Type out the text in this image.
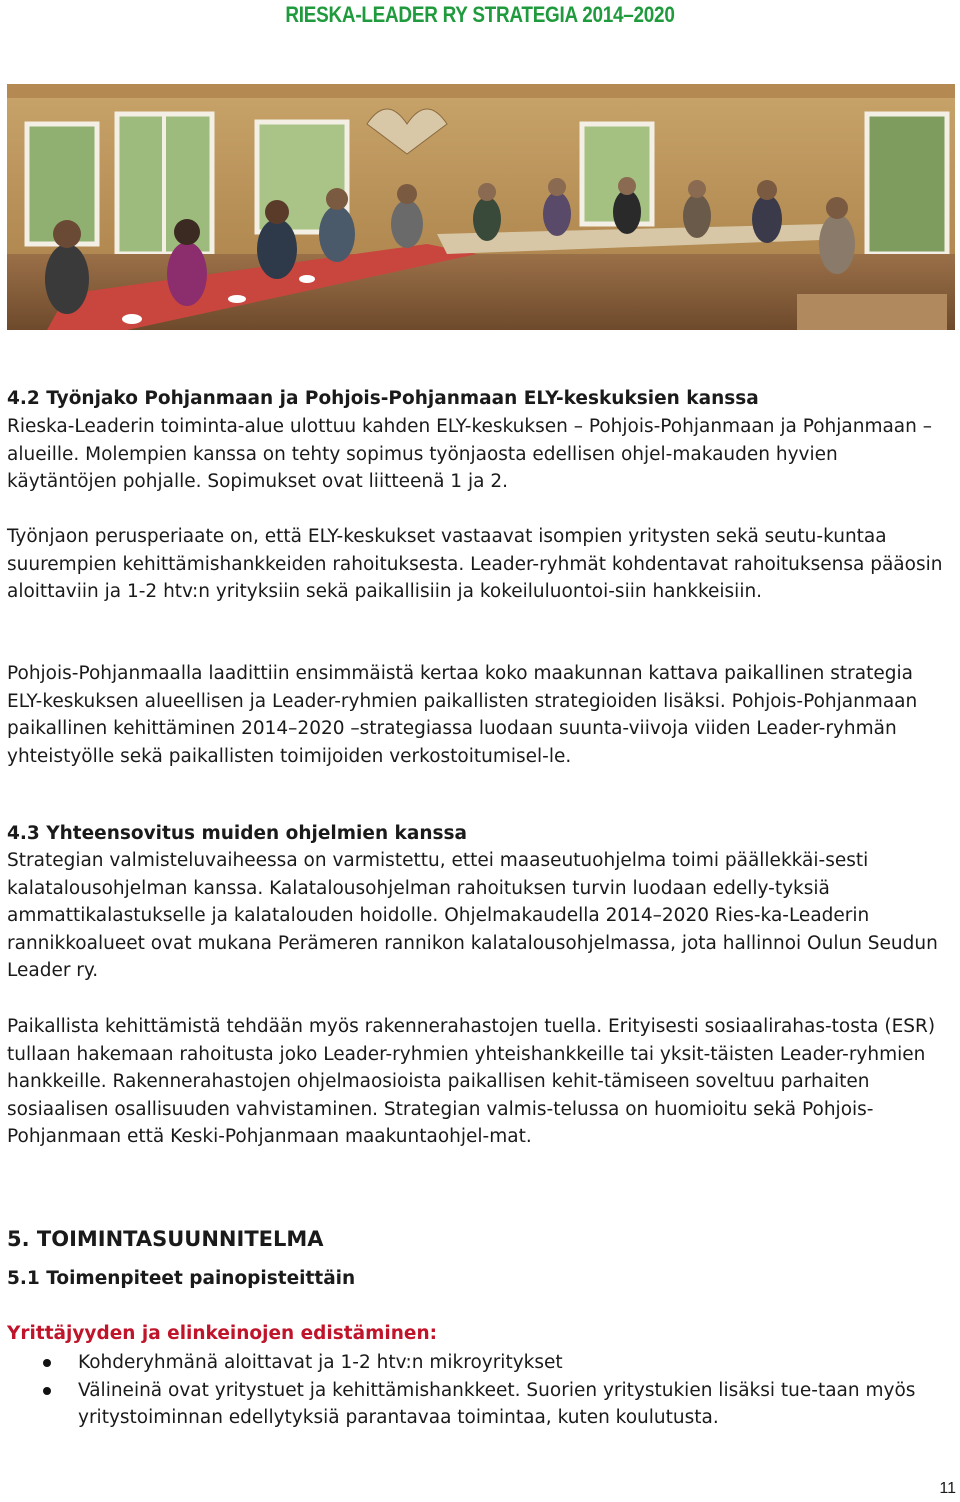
RIESKA-LEADER RY STRATEGIA 2014–2020
4.2 Työnjako Pohjanmaan ja Pohjois-Pohjanmaan ELY-keskuksien kanssa
Rieska-Leaderin toiminta-alue ulottuu kahden ELY-keskuksen – Pohjois-Pohjanmaan ja Pohjanmaan – alueille. Molempien kanssa on tehty sopimus työnjaosta edellisen ohjel-makauden hyvien käytäntöjen pohjalle. Sopimukset ovat liitteenä 1 ja 2.
Työnjaon perusperiaate on, että ELY-keskukset vastaavat isompien yritysten sekä seutu-kuntaa suurempien kehittämishankkeiden rahoituksesta. Leader-ryhmät kohdentavat rahoituksensa pääosin aloittaviin ja 1-2 htv:n yrityksiin sekä paikallisiin ja kokeiluluontoi-siin hankkeisiin.
Pohjois-Pohjanmaalla laadittiin ensimmäistä kertaa koko maakunnan kattava paikallinen strategia ELY-keskuksen alueellisen ja Leader-ryhmien paikallisten strategioiden lisäksi. Pohjois-Pohjanmaan paikallinen kehittäminen 2014–2020 –strategiassa luodaan suunta-viivoja viiden Leader-ryhmän yhteistyölle sekä paikallisten toimijoiden verkostoitumisel-le.
4.3 Yhteensovitus muiden ohjelmien kanssa
Strategian valmisteluvaiheessa on varmistettu, ettei maaseutuohjelma toimi päällekkäi-sesti kalatalousohjelman kanssa. Kalatalousohjelman rahoituksen turvin luodaan edelly-tyksiä ammattikalastukselle ja kalatalouden hoidolle. Ohjelmakaudella 2014–2020 Ries-ka-Leaderin rannikkoalueet ovat mukana Perämeren rannikon kalatalousohjelmassa, jota hallinnoi Oulun Seudun Leader ry.
Paikallista kehittämistä tehdään myös rakennerahastojen tuella. Erityisesti sosiaalirahas-tosta (ESR) tullaan hakemaan rahoitusta joko Leader-ryhmien yhteishankkeille tai yksit-täisten Leader-ryhmien hankkeille. Rakennerahastojen ohjelmaosioista paikallisen kehit-tämiseen soveltuu parhaiten sosiaalisen osallisuuden vahvistaminen. Strategian valmis-telussa on huomioitu sekä Pohjois-Pohjanmaan että Keski-Pohjanmaan maakuntaohjel-mat.
5. TOIMINTASUUNNITELMA
5.1 Toimenpiteet painopisteittäin
Yrittäjyyden ja elinkeinojen edistäminen:
Kohderyhmänä aloittavat ja 1-2 htv:n mikroyritykset
Välineinä ovat yritystuet ja kehittämishankkeet. Suorien yritystukien lisäksi tue-taan myös yritystoiminnan edellytyksiä parantavaa toimintaa, kuten koulutusta.
11
